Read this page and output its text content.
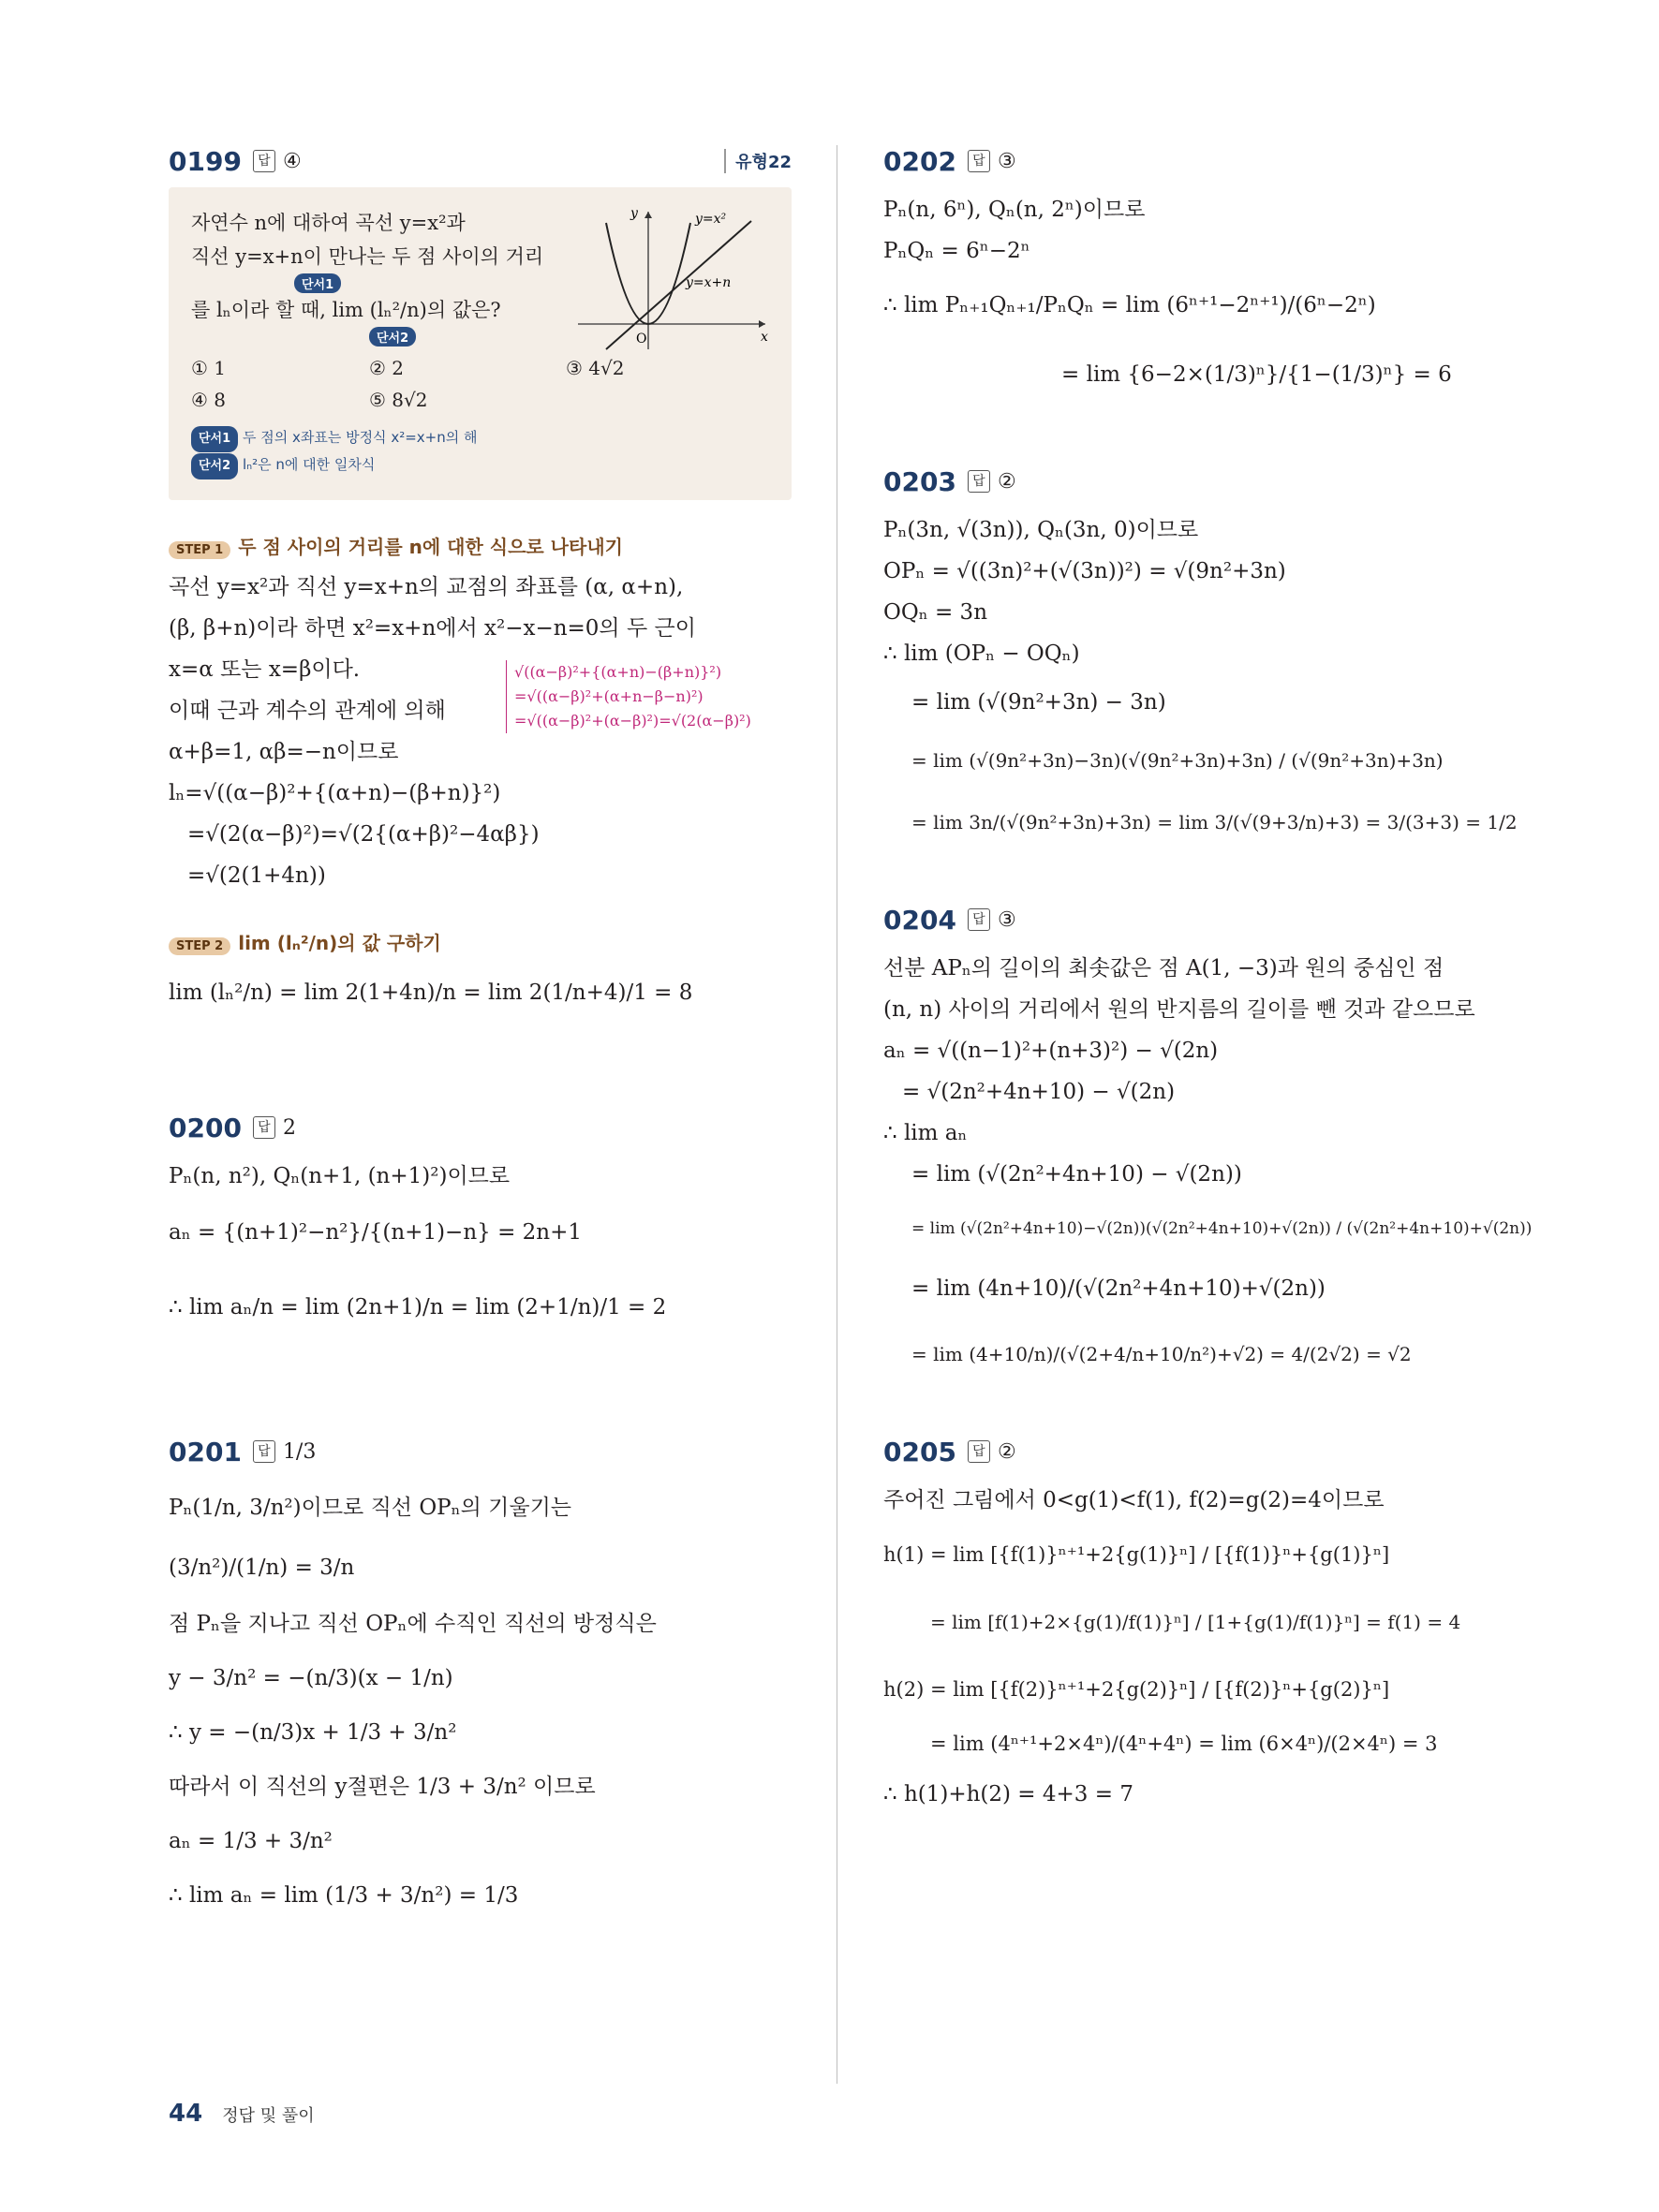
0199	답 ④	유형22
자연수 n에 대하여 곡선 y=x²과
직선 y=x+n이 만나는 두 점 사이의 거리
단서1
를 lₙ이라 할 때, lim (lₙ²/n)의 값은?
단서2
① 1	② 2	③ 4√2
④ 8	⑤ 8√2
단서1 두 점의 x좌표는 방정식 x²=x+n의 해
단서2 lₙ²은 n에 대한 일차식
y
x
O
y=x²
y=x+n
STEP 1 두 점 사이의 거리를 n에 대한 식으로 나타내기
곡선 y=x²과 직선 y=x+n의 교점의 좌표를 (α, α+n),
(β, β+n)이라 하면 x²=x+n에서 x²−x−n=0의 두 근이
x=α 또는 x=β이다.
이때 근과 계수의 관계에 의해
α+β=1, αβ=−n이므로
lₙ=√((α−β)²+{(α+n)−(β+n)}²)
=√(2(α−β)²)=√(2{(α+β)²−4αβ})
=√(2(1+4n))
√((α−β)²+{(α+n)−(β+n)}²)
=√((α−β)²+(α+n−β−n)²)
=√((α−β)²+(α−β)²)=√(2(α−β)²)
STEP 2 lim (lₙ²/n)의 값 구하기
lim (lₙ²/n) = lim 2(1+4n)/n = lim 2(1/n+4)/1 = 8
0200	답 2
Pₙ(n, n²), Qₙ(n+1, (n+1)²)이므로
aₙ = {(n+1)²−n²}/{(n+1)−n} = 2n+1
∴ lim aₙ/n = lim (2n+1)/n = lim (2+1/n)/1 = 2
0201	답 1/3
Pₙ(1/n, 3/n²)이므로 직선 OPₙ의 기울기는
(3/n²)/(1/n) = 3/n
점 Pₙ을 지나고 직선 OPₙ에 수직인 직선의 방정식은
y − 3/n² = −(n/3)(x − 1/n)
∴ y = −(n/3)x + 1/3 + 3/n²
따라서 이 직선의 y절편은 1/3 + 3/n² 이므로
aₙ = 1/3 + 3/n²
∴ lim aₙ = lim (1/3 + 3/n²) = 1/3
0202	답 ③
Pₙ(n, 6ⁿ), Qₙ(n, 2ⁿ)이므로
PₙQₙ = 6ⁿ−2ⁿ
∴ lim Pₙ₊₁Qₙ₊₁/PₙQₙ = lim (6ⁿ⁺¹−2ⁿ⁺¹)/(6ⁿ−2ⁿ)
= lim {6−2×(1/3)ⁿ}/{1−(1/3)ⁿ} = 6
0203	답 ②
Pₙ(3n, √(3n)), Qₙ(3n, 0)이므로
OPₙ = √((3n)²+(√(3n))²) = √(9n²+3n)
OQₙ = 3n
∴ lim (OPₙ − OQₙ)
= lim (√(9n²+3n) − 3n)
= lim (√(9n²+3n)−3n)(√(9n²+3n)+3n) / (√(9n²+3n)+3n)
= lim 3n/(√(9n²+3n)+3n) = lim 3/(√(9+3/n)+3) = 3/(3+3) = 1/2
0204	답 ③
선분 APₙ의 길이의 최솟값은 점 A(1, −3)과 원의 중심인 점
(n, n) 사이의 거리에서 원의 반지름의 길이를 뺀 것과 같으므로
aₙ = √((n−1)²+(n+3)²) − √(2n)
= √(2n²+4n+10) − √(2n)
∴ lim aₙ
= lim (√(2n²+4n+10) − √(2n))
= lim (√(2n²+4n+10)−√(2n))(√(2n²+4n+10)+√(2n)) / (√(2n²+4n+10)+√(2n))
= lim (4n+10)/(√(2n²+4n+10)+√(2n))
= lim (4+10/n)/(√(2+4/n+10/n²)+√2) = 4/(2√2) = √2
0205	답 ②
주어진 그림에서 0<g(1)<f(1), f(2)=g(2)=4이므로
h(1) = lim [{f(1)}ⁿ⁺¹+2{g(1)}ⁿ] / [{f(1)}ⁿ+{g(1)}ⁿ]
= lim [f(1)+2×{g(1)/f(1)}ⁿ] / [1+{g(1)/f(1)}ⁿ] = f(1) = 4
h(2) = lim [{f(2)}ⁿ⁺¹+2{g(2)}ⁿ] / [{f(2)}ⁿ+{g(2)}ⁿ]
= lim (4ⁿ⁺¹+2×4ⁿ)/(4ⁿ+4ⁿ) = lim (6×4ⁿ)/(2×4ⁿ) = 3
∴ h(1)+h(2) = 4+3 = 7
44 정답 및 풀이
